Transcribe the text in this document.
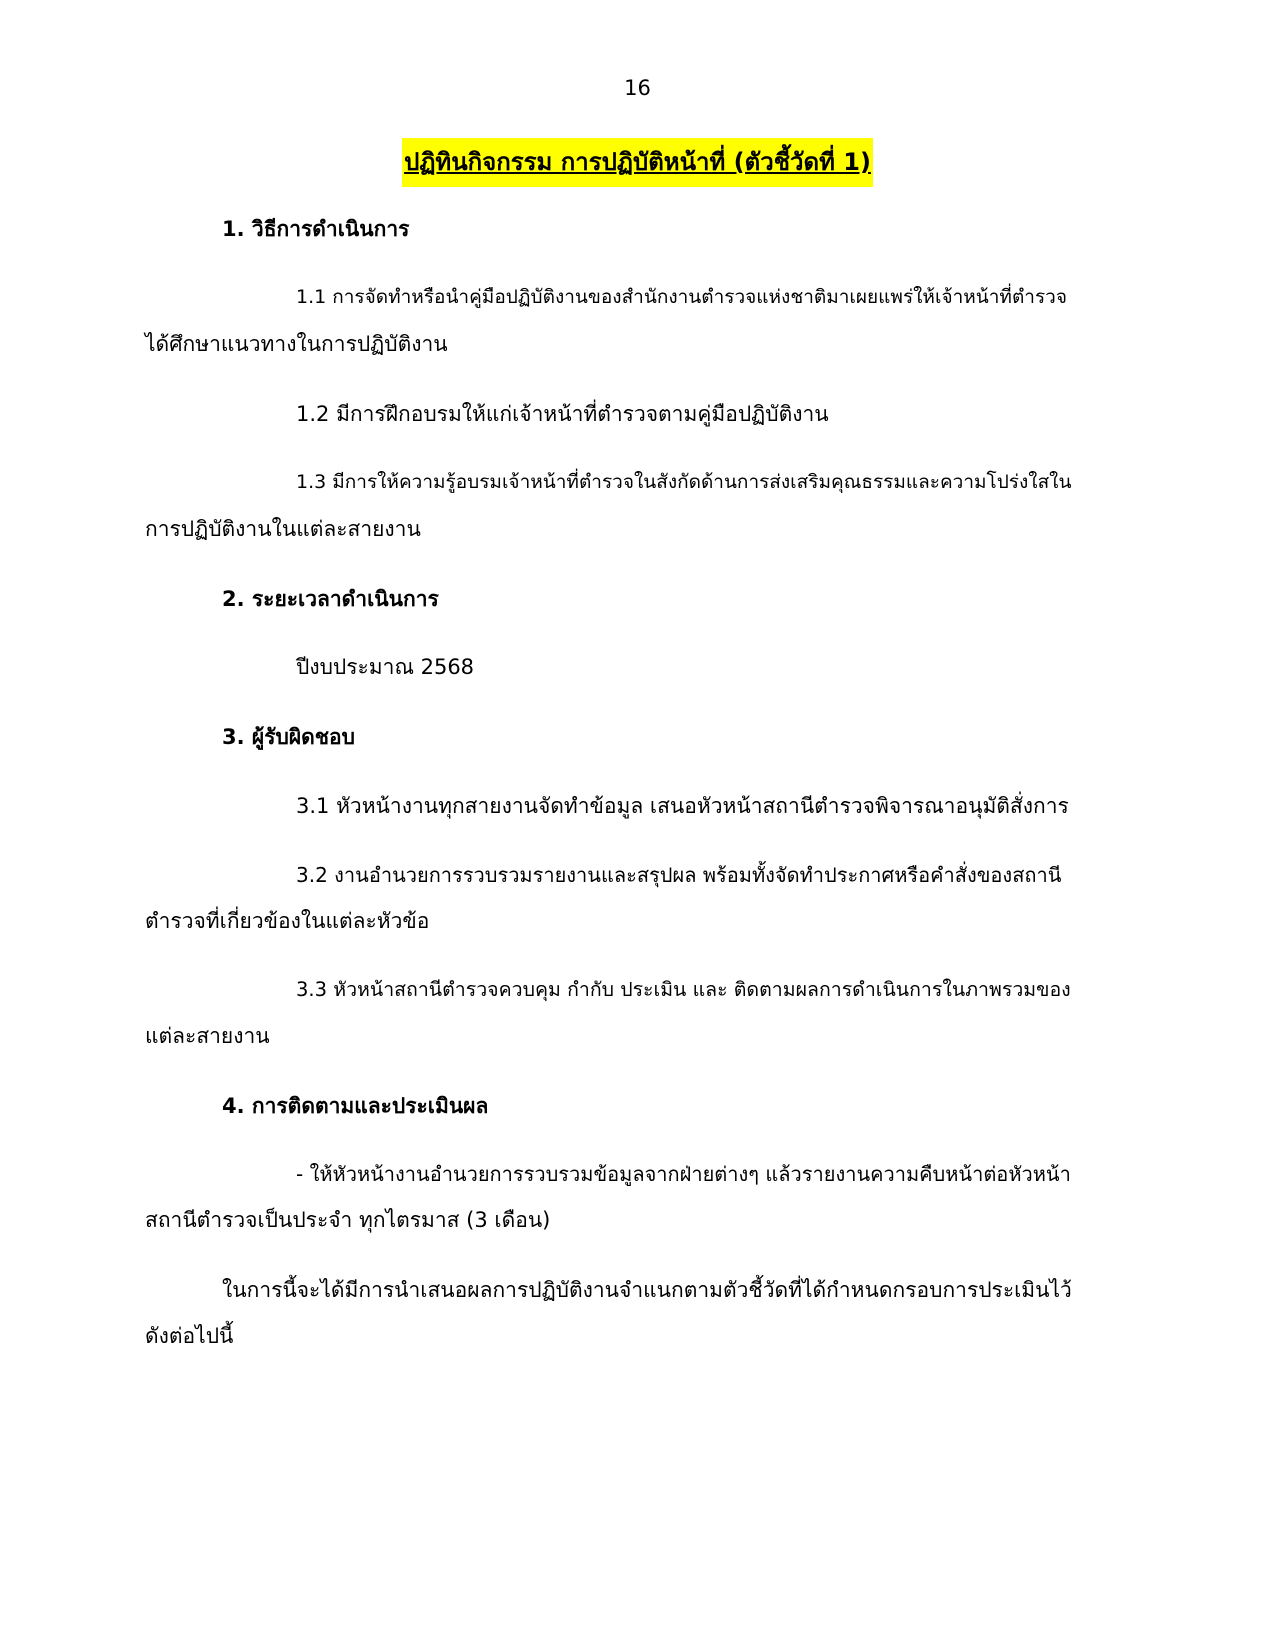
16
ปฏิทินกิจกรรม การปฏิบัติหน้าที่ (ตัวชี้วัดที่ 1)
1. วิธีการดำเนินการ
1.1 การจัดทำหรือนำคู่มือปฏิบัติงานของสำนักงานตำรวจแห่งชาติมาเผยแพร่ให้เจ้าหน้าที่ตำรวจ
ได้ศึกษาแนวทางในการปฏิบัติงาน
1.2 มีการฝึกอบรมให้แก่เจ้าหน้าที่ตำรวจตามคู่มือปฏิบัติงาน
1.3 มีการให้ความรู้อบรมเจ้าหน้าที่ตำรวจในสังกัดด้านการส่งเสริมคุณธรรมและความโปร่งใสใน
การปฏิบัติงานในแต่ละสายงาน
2. ระยะเวลาดำเนินการ
ปีงบประมาณ 2568
3. ผู้รับผิดชอบ
3.1 หัวหน้างานทุกสายงานจัดทำข้อมูล เสนอหัวหน้าสถานีตำรวจพิจารณาอนุมัติสั่งการ
3.2 งานอำนวยการรวบรวมรายงานและสรุปผล พร้อมทั้งจัดทำประกาศหรือคำสั่งของสถานี
ตำรวจที่เกี่ยวข้องในแต่ละหัวข้อ
3.3 หัวหน้าสถานีตำรวจควบคุม กำกับ ประเมิน และ ติดตามผลการดำเนินการในภาพรวมของ
แต่ละสายงาน
4. การติดตามและประเมินผล
- ให้หัวหน้างานอำนวยการรวบรวมข้อมูลจากฝ่ายต่างๆ แล้วรายงานความคืบหน้าต่อหัวหน้า
สถานีตำรวจเป็นประจำ ทุกไตรมาส (3 เดือน)
ในการนี้จะได้มีการนำเสนอผลการปฏิบัติงานจำแนกตามตัวชี้วัดที่ได้กำหนดกรอบการประเมินไว้
ดังต่อไปนี้
